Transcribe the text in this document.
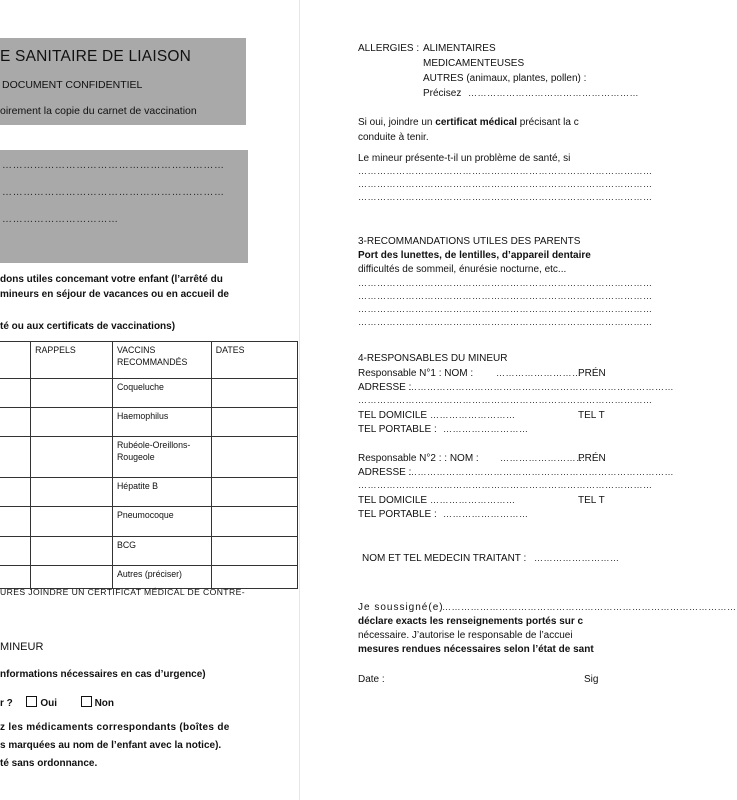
E SANITAIRE DE LIAISON
DOCUMENT CONFIDENTIEL
oirement la copie du carnet de vaccination
………………………………………………………
………………………………………………………
……………………………
dons utiles concemant votre enfant (l’arrêté du
mineurs en séjour de vacances ou en accueil de
té ou aux certificats de vaccinations)
	RAPPELS	VACCINS RECOMMANDÉS	DATES
		Coqueluche	
		Haemophilus	
		Rubéole-Oreillons-Rougeole	
		Hépatite B	
		Pneumocoque	
		BCG	
		Autres (préciser)	
URES JOINDRE UN CERTIFICAT MÉDICAL DE CONTRE-
MINEUR
nformations nécessaires en cas d’urgence)
r ?	Oui	Non
z les médicaments correspondants (boîtes de
s marquées au nom de l’enfant avec la notice).
té sans ordonnance.
ALLERGIES : ALIMENTAIRES
MEDICAMENTEUSES
AUTRES (animaux, plantes, pollen) :
Précisez ………………………………………………
Si oui, joindre un certificat médical précisant la c
conduite à tenir.
Le mineur présente-t-il un problème de santé, si
…………………………………………………………………………………
…………………………………………………………………………………
…………………………………………………………………………………
3-RECOMMANDATIONS UTILES DES PARENTS
Port des lunettes, de lentilles, d’appareil dentaire
difficultés de sommeil, énurésie nocturne, etc...
…………………………………………………………………………………
…………………………………………………………………………………
…………………………………………………………………………………
…………………………………………………………………………………
4-RESPONSABLES DU MINEUR
Responsable N°1 : NOM :	………………………
PRÉN
ADRESSE :
…………………………………………………………………………
…………………………………………………………………………………
TEL DOMICILE ………………………	TEL T
TEL PORTABLE : ………………………
Responsable N°2 : : NOM : ………………………
PRÉN
ADRESSE :
…………………………………………………………………………
…………………………………………………………………………………
TEL DOMICILE ………………………	TEL T
TEL PORTABLE : ………………………
NOM ET TEL MEDECIN TRAITANT : ………………………
Je soussigné(e)
…………………………………………………………………………………
déclare exacts les renseignements portés sur c
nécessaire. J’autorise le responsable de l’accuei
mesures rendues nécessaires selon l’état de sant
Date :	Sig
